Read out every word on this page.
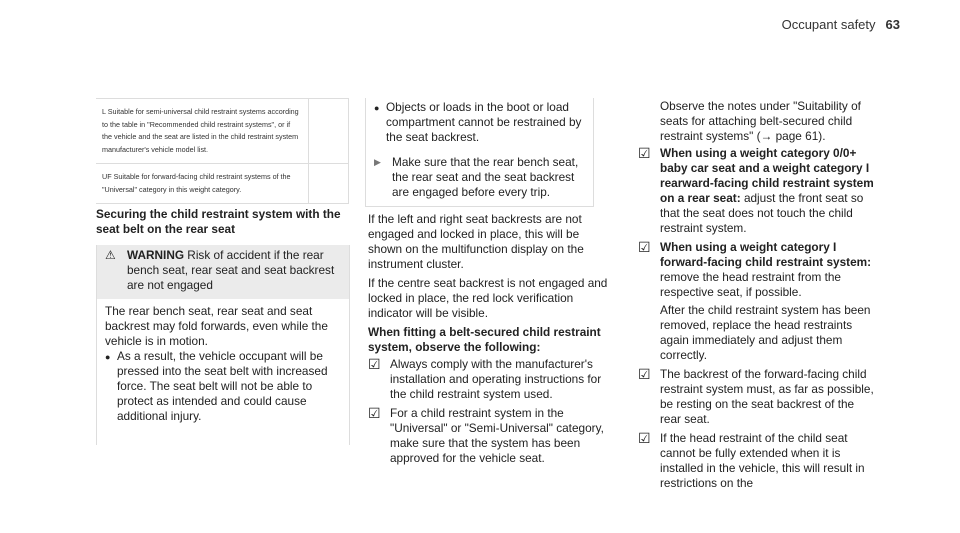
Occupant safety 63
L Suitable for semi-universal child restraint systems according to the table in "Recommended child restraint systems", or if the vehicle and the seat are listed in the child restraint system manufacturer's vehicle model list.
UF Suitable for forward-facing child restraint systems of the "Universal" category in this weight category.
Securing the child restraint system with the seat belt on the rear seat
⚠ WARNING Risk of accident if the rear bench seat, rear seat and seat backrest are not engaged

The rear bench seat, rear seat and seat backrest may fold forwards, even while the vehicle is in motion.

● As a result, the vehicle occupant will be pressed into the seat belt with increased force. The seat belt will not be able to protect as intended and could cause additional injury.
● Objects or loads in the boot or load compartment cannot be restrained by the seat backrest.
▶ Make sure that the rear bench seat, the rear seat and the seat backrest are engaged before every trip.

If the left and right seat backrests are not engaged and locked in place, this will be shown on the multifunction display on the instrument cluster.

If the centre seat backrest is not engaged and locked in place, the red lock verification indicator will be visible.

When fitting a belt-secured child restraint system, observe the following:

☑ Always comply with the manufacturer's installation and operating instructions for the child restraint system used.
☑ For a child restraint system in the "Universal" or "Semi-Universal" category, make sure that the system has been approved for the vehicle seat.

Observe the notes under "Suitability of seats for attaching belt-secured child restraint systems" (→ page 61).

☑ When using a weight category 0/0+ baby car seat and a weight category I rearward-facing child restraint system on a rear seat: adjust the front seat so that the seat does not touch the child restraint system.
☑ When using a weight category I forward-facing child restraint system: remove the head restraint from the respective seat, if possible.

After the child restraint system has been removed, replace the head restraints again immediately and adjust them correctly.
☑ The backrest of the forward-facing child restraint system must, as far as possible, be resting on the seat backrest of the rear seat.
☑ If the head restraint of the child seat cannot be fully extended when it is installed in the vehicle, this will result in restrictions on the
